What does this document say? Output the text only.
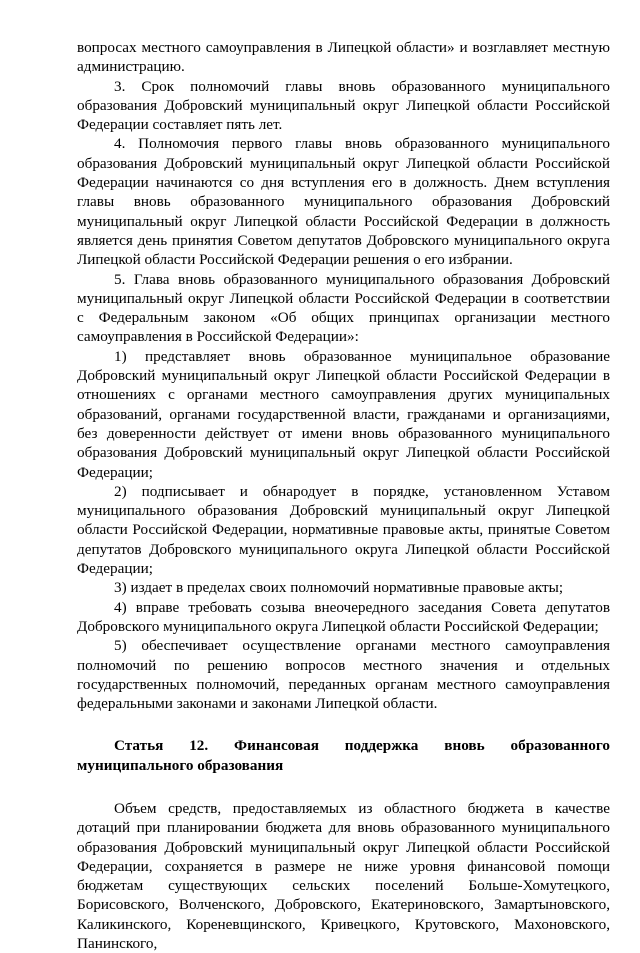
вопросах местного самоуправления в Липецкой области» и возглавляет местную администрацию.

3. Срок полномочий главы вновь образованного муниципального образования Добровский муниципальный округ Липецкой области Российской Федерации составляет пять лет.

4. Полномочия первого главы вновь образованного муниципального образования Добровский муниципальный округ Липецкой области Российской Федерации начинаются со дня вступления его в должность. Днем вступления главы вновь образованного муниципального образования Добровский муниципальный округ Липецкой области Российской Федерации в должность является день принятия Советом депутатов Добровского муниципального округа Липецкой области Российской Федерации решения о его избрании.

5. Глава вновь образованного муниципального образования Добровский муниципальный округ Липецкой области Российской Федерации в соответствии с Федеральным законом «Об общих принципах организации местного самоуправления в Российской Федерации»:

1) представляет вновь образованное муниципальное образование Добровский муниципальный округ Липецкой области Российской Федерации в отношениях с органами местного самоуправления других муниципальных образований, органами государственной власти, гражданами и организациями, без доверенности действует от имени вновь образованного муниципального образования Добровский муниципальный округ Липецкой области Российской Федерации;

2) подписывает и обнародует в порядке, установленном Уставом муниципального образования Добровский муниципальный округ Липецкой области Российской Федерации, нормативные правовые акты, принятые Советом депутатов Добровского муниципального округа Липецкой области Российской Федерации;

3) издает в пределах своих полномочий нормативные правовые акты;

4) вправе требовать созыва внеочередного заседания Совета депутатов Добровского муниципального округа Липецкой области Российской Федерации;

5) обеспечивает осуществление органами местного самоуправления полномочий по решению вопросов местного значения и отдельных государственных полномочий, переданных органам местного самоуправления федеральными законами и законами Липецкой области.

Статья 12. Финансовая поддержка вновь образованного муниципального образования

Объем средств, предоставляемых из областного бюджета в качестве дотаций при планировании бюджета для вновь образованного муниципального образования Добровский муниципальный округ Липецкой области Российской Федерации, сохраняется в размере не ниже уровня финансовой помощи бюджетам существующих сельских поселений Больше-Хомутецкого, Борисовского, Волченского, Добровского, Екатериновского, Замартыновского, Каликинского, Кореневщинского, Кривецкого, Крутовского, Махоновского, Панинского,
